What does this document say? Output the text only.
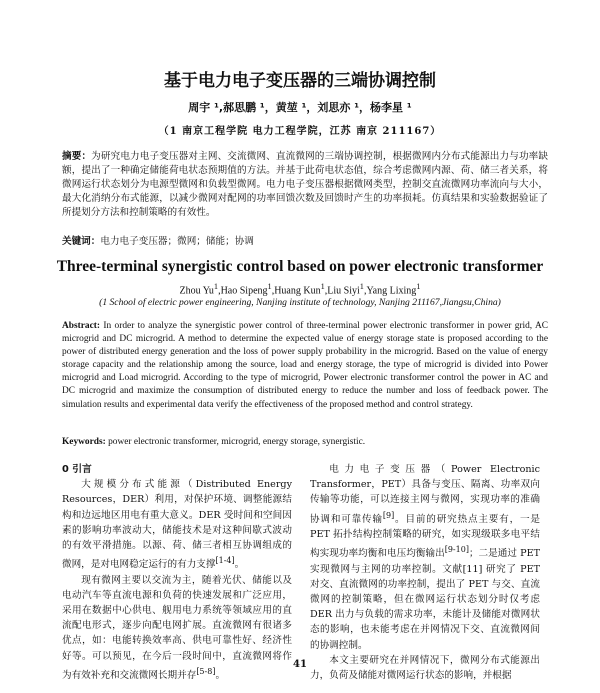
基于电力电子变压器的三端协调控制
周宇 ¹,郝思鹏 ¹，黄堃 ¹，刘思亦 ¹，杨李星 ¹
（1 南京工程学院 电力工程学院，江苏 南京 211167）
摘要：为研究电力电子变压器对主网、交流微网、直流微网的三端协调控制，根据微网内分布式能源出力与功率缺额，提出了一种确定储能荷电状态预期值的方法。并基于此荷电状态值，综合考虑微网内源、荷、储三者关系，将微网运行状态划分为电源型微网和负载型微网。电力电子变压器根据微网类型，控制交直流微网功率流向与大小，最大化消纳分布式能源，以减少微网对配网的功率回馈次数及回馈时产生的功率损耗。仿真结果和实验数据验证了所提划分方法和控制策略的有效性。
关键词：电力电子变压器；微网；储能；协调
Three-terminal synergistic control based on power electronic transformer
Zhou Yu$^1$,Hao Sipeng$^1$,Huang Kun$^1$,Liu Siyi$^1$,Yang Lixing$^1$
(1 School of electric power engineering, Nanjing institute of technology, Nanjing 211167,Jiangsu,China)
Abstract: In order to analyze the synergistic power control of three-terminal power electronic transformer in power grid, AC microgrid and DC microgrid. A method to determine the expected value of energy storage state is proposed according to the power of distributed energy generation and the loss of power supply probability in the microgrid. Based on the value of energy storage capacity and the relationship among the source, load and energy storage, the type of microgrid is divided into Power microgrid and Load microgrid. According to the type of microgrid, Power electronic transformer control the power in AC and DC microgrid and maximize the consumption of distributed energy to reduce the number and loss of feedback power. The simulation results and experimental data verify the effectiveness of the proposed method and control strategy.
Keywords: power electronic transformer, microgrid, energy storage, synergistic.
0 引言

大规模分布式能源（Distributed Energy Resources，DER）利用，对保护环境、调整能源结构和边远地区用电有重大意义。DER 受时间和空间因素的影响功率波动大，储能技术是对这种间歇式波动的有效平滑措施。以源、荷、储三者相互协调组成的微网，是对电网稳定运行的有力支撑[1-4]。

现有微网主要以交流为主，随着光伏、储能以及电动汽车等直流电源和负荷的快速发展和广泛应用，采用在数据中心供电、舰用电力系统等领域应用的直流配电形式，逐步向配电网扩展。直流微网有很诸多优点，如：电能转换效率高、供电可靠性好、经济性好等。可以预见，在今后一段时间中，直流微网将作为有效补充和交流微网长期并存[5-8]。

电力电子变压器（Power Electronic Transformer，PET）具备与变压、隔离、功率双向传输等功能，可以连接主网与微网，实现功率的准确协调和可靠传输[9]。目前的研究热点主要有，一是 PET 拓扑结构控制策略的研究，如实现级联多电平结构实现功率均衡和电压均衡输出[9-10]；二是通过 PET 实现微网与主网的功率控制。文献[11] 研究了 PET 对交、直流微网的功率控制，提出了 PET 与交、直流微网的控制策略，但在微网运行状态划分时仅考虑 DER 出力与负载的需求功率，未能计及储能对微网状态的影响，也未能考虑在并网情况下交、直流微网间的协调控制。

本文主要研究在并网情况下，微网分布式能源出力，负荷及储能对微网运行状态的影响，并根据

41
